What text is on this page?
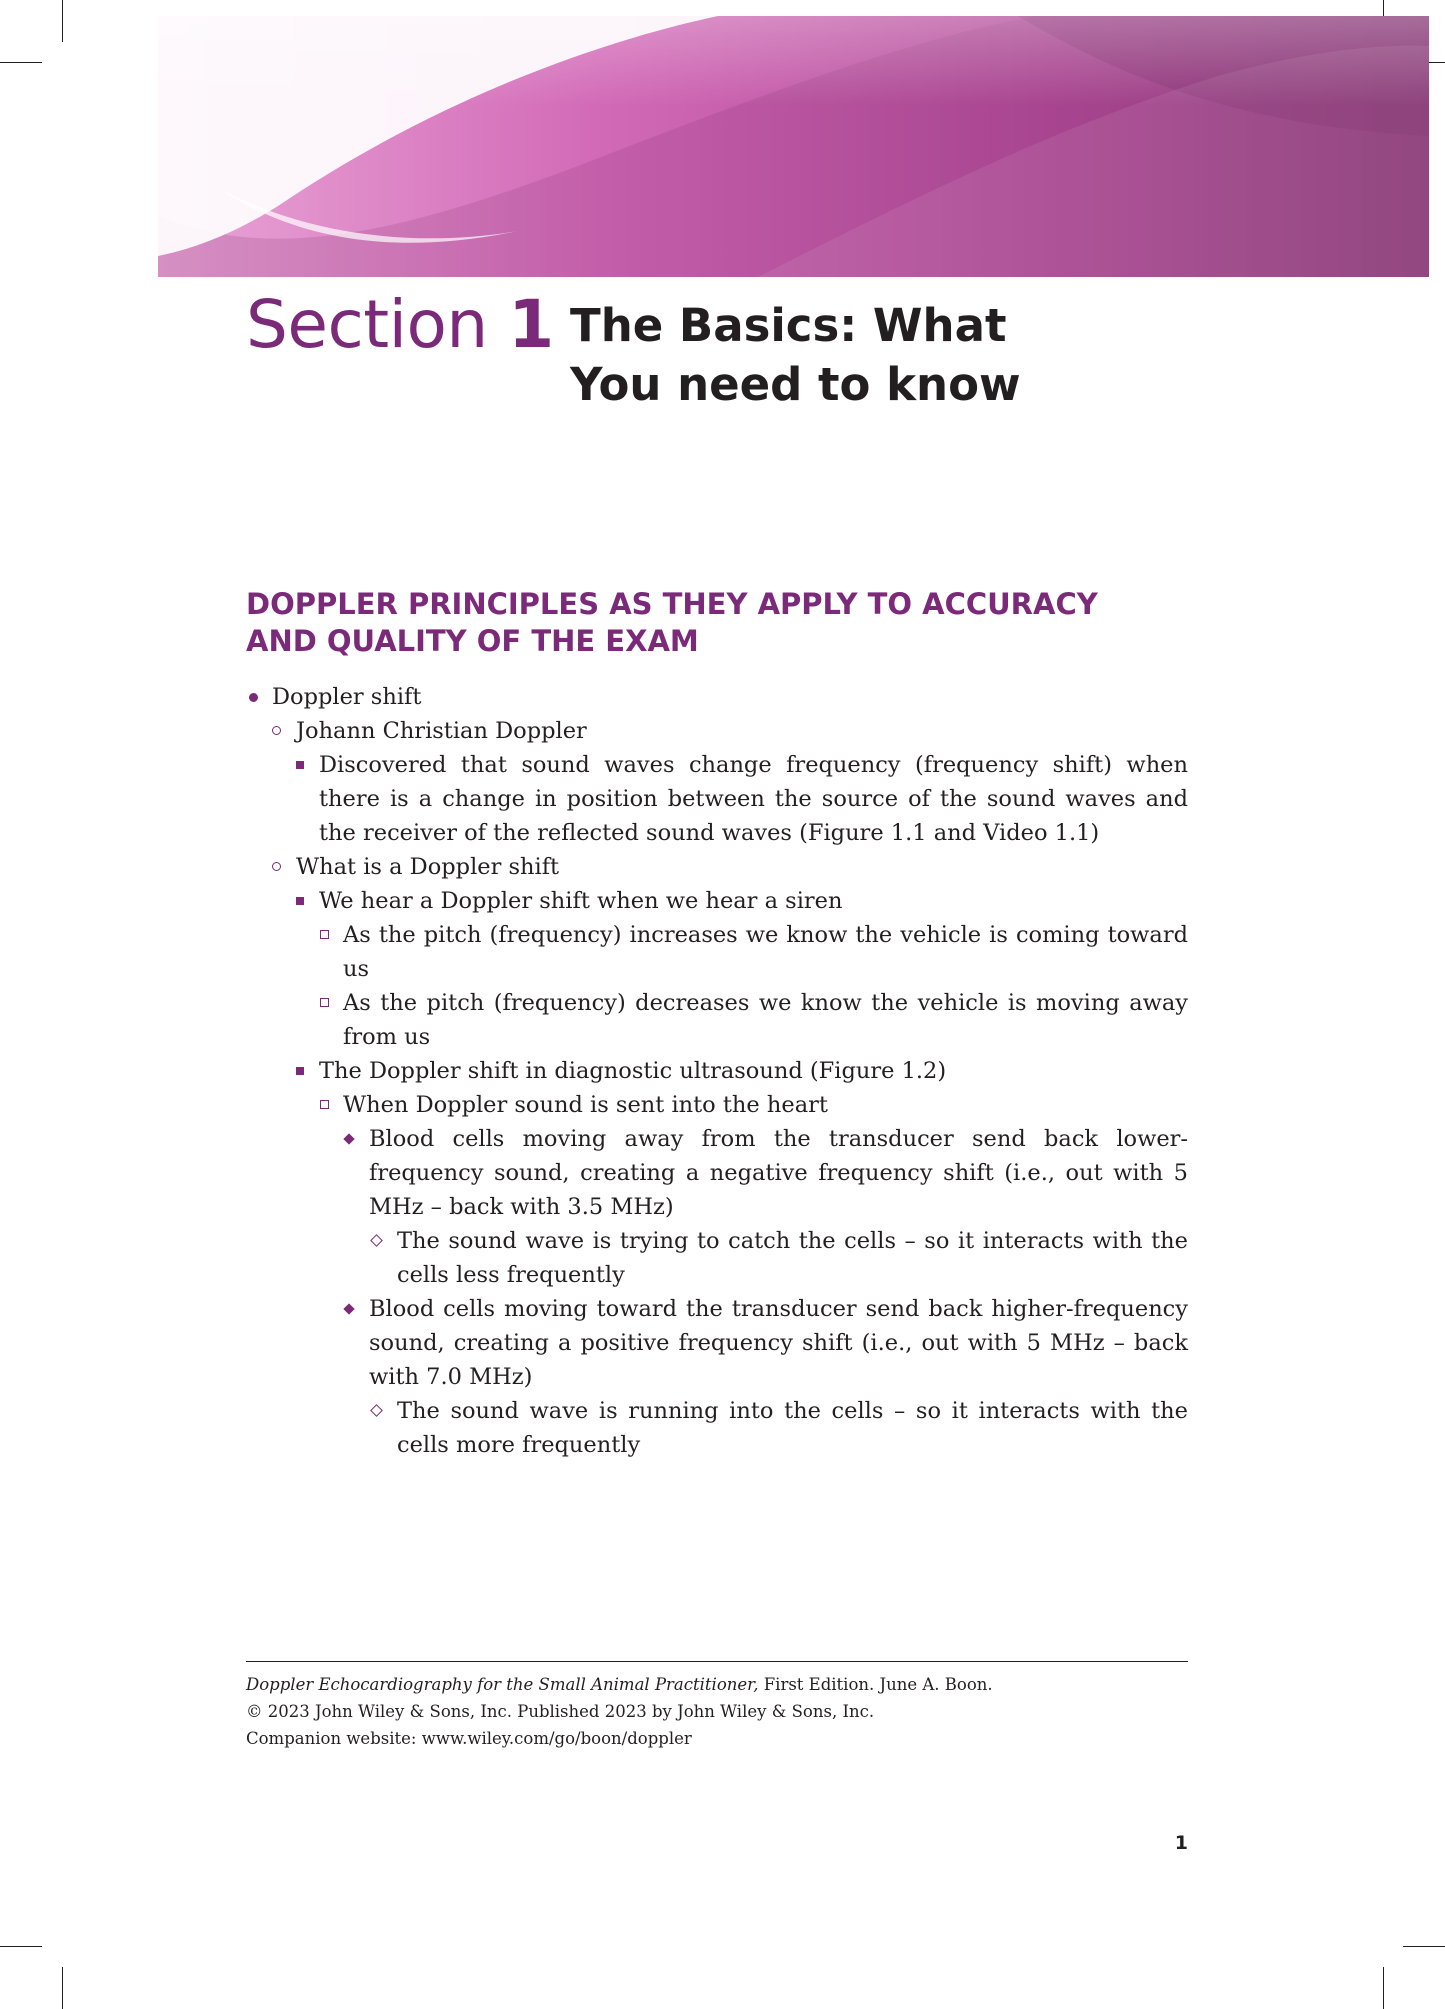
Section 1 The Basics: What
You need to know
DOPPLER PRINCIPLES AS THEY APPLY TO ACCURACY
AND QUALITY OF THE EXAM
Doppler shift
Johann Christian Doppler
Discovered that sound waves change frequency (frequency shift) when there is a change in position between the source of the sound waves and the receiver of the reflected sound waves (Figure 1.1 and Video 1.1)
What is a Doppler shift
We hear a Doppler shift when we hear a siren
As the pitch (frequency) increases we know the vehicle is coming toward us
As the pitch (frequency) decreases we know the vehicle is moving away from us
The Doppler shift in diagnostic ultrasound (Figure 1.2)
When Doppler sound is sent into the heart
Blood cells moving away from the transducer send back lower-frequency sound, creating a negative frequency shift (i.e., out with 5 MHz – back with 3.5 MHz)
The sound wave is trying to catch the cells – so it interacts with the cells less frequently
Blood cells moving toward the transducer send back higher-frequency sound, creating a positive frequency shift (i.e., out with 5 MHz – back with 7.0 MHz)
The sound wave is running into the cells – so it interacts with the cells more frequently
Doppler Echocardiography for the Small Animal Practitioner, First Edition. June A. Boon.
© 2023 John Wiley & Sons, Inc. Published 2023 by John Wiley & Sons, Inc.
Companion website: www.wiley.com/go/boon/doppler
1
